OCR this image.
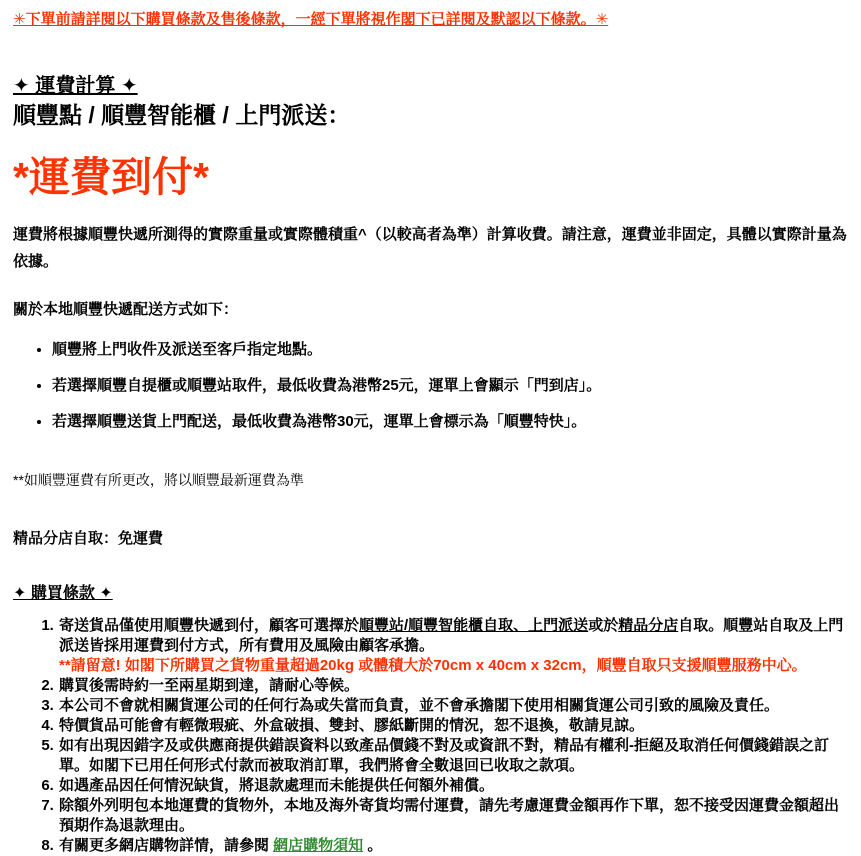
✳下單前請詳閱以下購買條款及售後條款，一經下單將視作閣下已詳閱及默認以下條款。✳

✦ 運費計算 ✦
順豐點 / 順豐智能櫃 / 上門派送：
*運費到付*

運費將根據順豐快遞所測得的實際重量或實際體積重^（以較高者為準）計算收費。請注意，運費並非固定，具體以實際計量為依據。

關於本地順豐快遞配送方式如下：

• 順豐將上門收件及派送至客戶指定地點。
• 若選擇順豐自提櫃或順豐站取件，最低收費為港幣25元，運單上會顯示「門到店」。
• 若選擇順豐送貨上門配送，最低收費為港幣30元，運單上會標示為「順豐特快」。

**如順豐運費有所更改，將以順豐最新運費為準

精品分店自取：免運費

✦ 購買條款 ✦
1. 寄送貨品僅使用順豐快遞到付，顧客可選擇於順豐站/順豐智能櫃自取、上門派送或於精品分店自取。順豐站自取及上門派送皆採用運費到付方式，所有費用及風險由顧客承擔。
**請留意! 如閣下所購買之貨物重量超過20kg 或體積大於70cm x 40cm x 32cm，順豐自取只支援順豐服務中心。
2. 購買後需時約一至兩星期到達，請耐心等候。
3. 本公司不會就相關貨運公司的任何行為或失當而負責，並不會承擔閣下使用相關貨運公司引致的風險及責任。
4. 特價貨品可能會有輕微瑕疵、外盒破損、雙封、膠紙斷開的情況，恕不退換，敬請見諒。
5. 如有出現因錯字及或供應商提供錯誤資料以致產品價錢不對及或資訊不對，精品有權利-拒絕及取消任何價錢錯誤之訂單。如閣下已用任何形式付款而被取消訂單，我們將會全數退回已收取之款項。
6. 如遇產品因任何情況缺貨，將退款處理而未能提供任何額外補償。
7. 除額外列明包本地運費的貨物外，本地及海外寄貨均需付運費，請先考慮運費金額再作下單，恕不接受因運費金額超出預期作為退款理由。
8. 有關更多網店購物詳情，請參閱 網店購物須知 。
